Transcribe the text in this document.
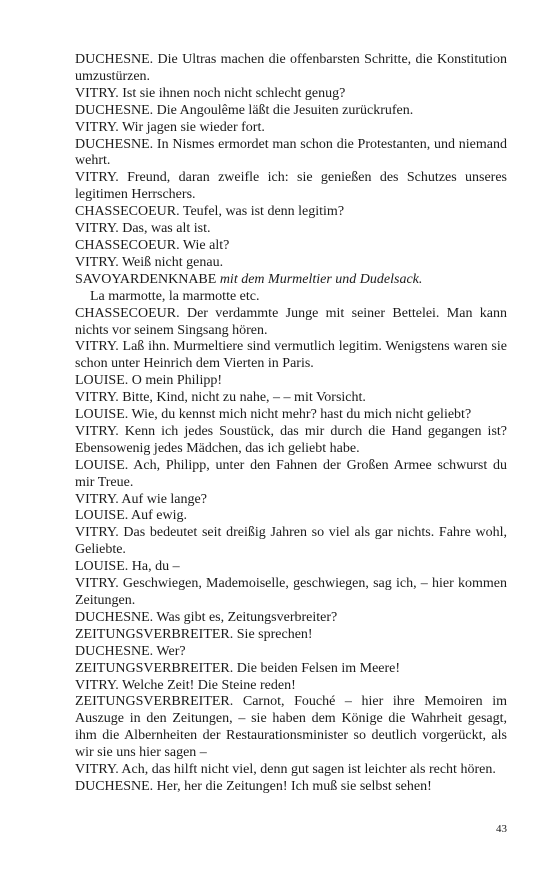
DUCHESNE. Die Ultras machen die offenbarsten Schritte, die Konstitution umzustürzen.

VITRY. Ist sie ihnen noch nicht schlecht genug?

DUCHESNE. Die Angoulême läßt die Jesuiten zurückrufen.

VITRY. Wir jagen sie wieder fort.

DUCHESNE. In Nismes ermordet man schon die Protestanten, und niemand wehrt.

VITRY. Freund, daran zweifle ich: sie genießen des Schutzes unseres legitimen Herrschers.

CHASSECOEUR. Teufel, was ist denn legitim?

VITRY. Das, was alt ist.

CHASSECOEUR. Wie alt?

VITRY. Weiß nicht genau.

SAVOYARDENKNABE mit dem Murmeltier und Dudelsack.

La marmotte, la marmotte etc.

CHASSECOEUR. Der verdammte Junge mit seiner Bettelei. Man kann nichts vor seinem Singsang hören.

VITRY. Laß ihn. Murmeltiere sind vermutlich legitim. Wenigstens waren sie schon unter Heinrich dem Vierten in Paris.

LOUISE. O mein Philipp!

VITRY. Bitte, Kind, nicht zu nahe, – – mit Vorsicht.

LOUISE. Wie, du kennst mich nicht mehr? hast du mich nicht geliebt?

VITRY. Kenn ich jedes Soustück, das mir durch die Hand gegangen ist? Ebensowenig jedes Mädchen, das ich geliebt habe.

LOUISE. Ach, Philipp, unter den Fahnen der Großen Armee schwurst du mir Treue.

VITRY. Auf wie lange?

LOUISE. Auf ewig.

VITRY. Das bedeutet seit dreißig Jahren so viel als gar nichts. Fahre wohl, Geliebte.

LOUISE. Ha, du –

VITRY. Geschwiegen, Mademoiselle, geschwiegen, sag ich, – hier kommen Zeitungen.

DUCHESNE. Was gibt es, Zeitungsverbreiter?

ZEITUNGSVERBREITER. Sie sprechen!

DUCHESNE. Wer?

ZEITUNGSVERBREITER. Die beiden Felsen im Meere!

VITRY. Welche Zeit! Die Steine reden!

ZEITUNGSVERBREITER. Carnot, Fouché – hier ihre Memoiren im Auszuge in den Zeitungen, – sie haben dem Könige die Wahrheit gesagt, ihm die Albernheiten der Restaurationsminister so deutlich vorgerückt, als wir sie uns hier sagen –

VITRY. Ach, das hilft nicht viel, denn gut sagen ist leichter als recht hören.

DUCHESNE. Her, her die Zeitungen! Ich muß sie selbst sehen!

43
